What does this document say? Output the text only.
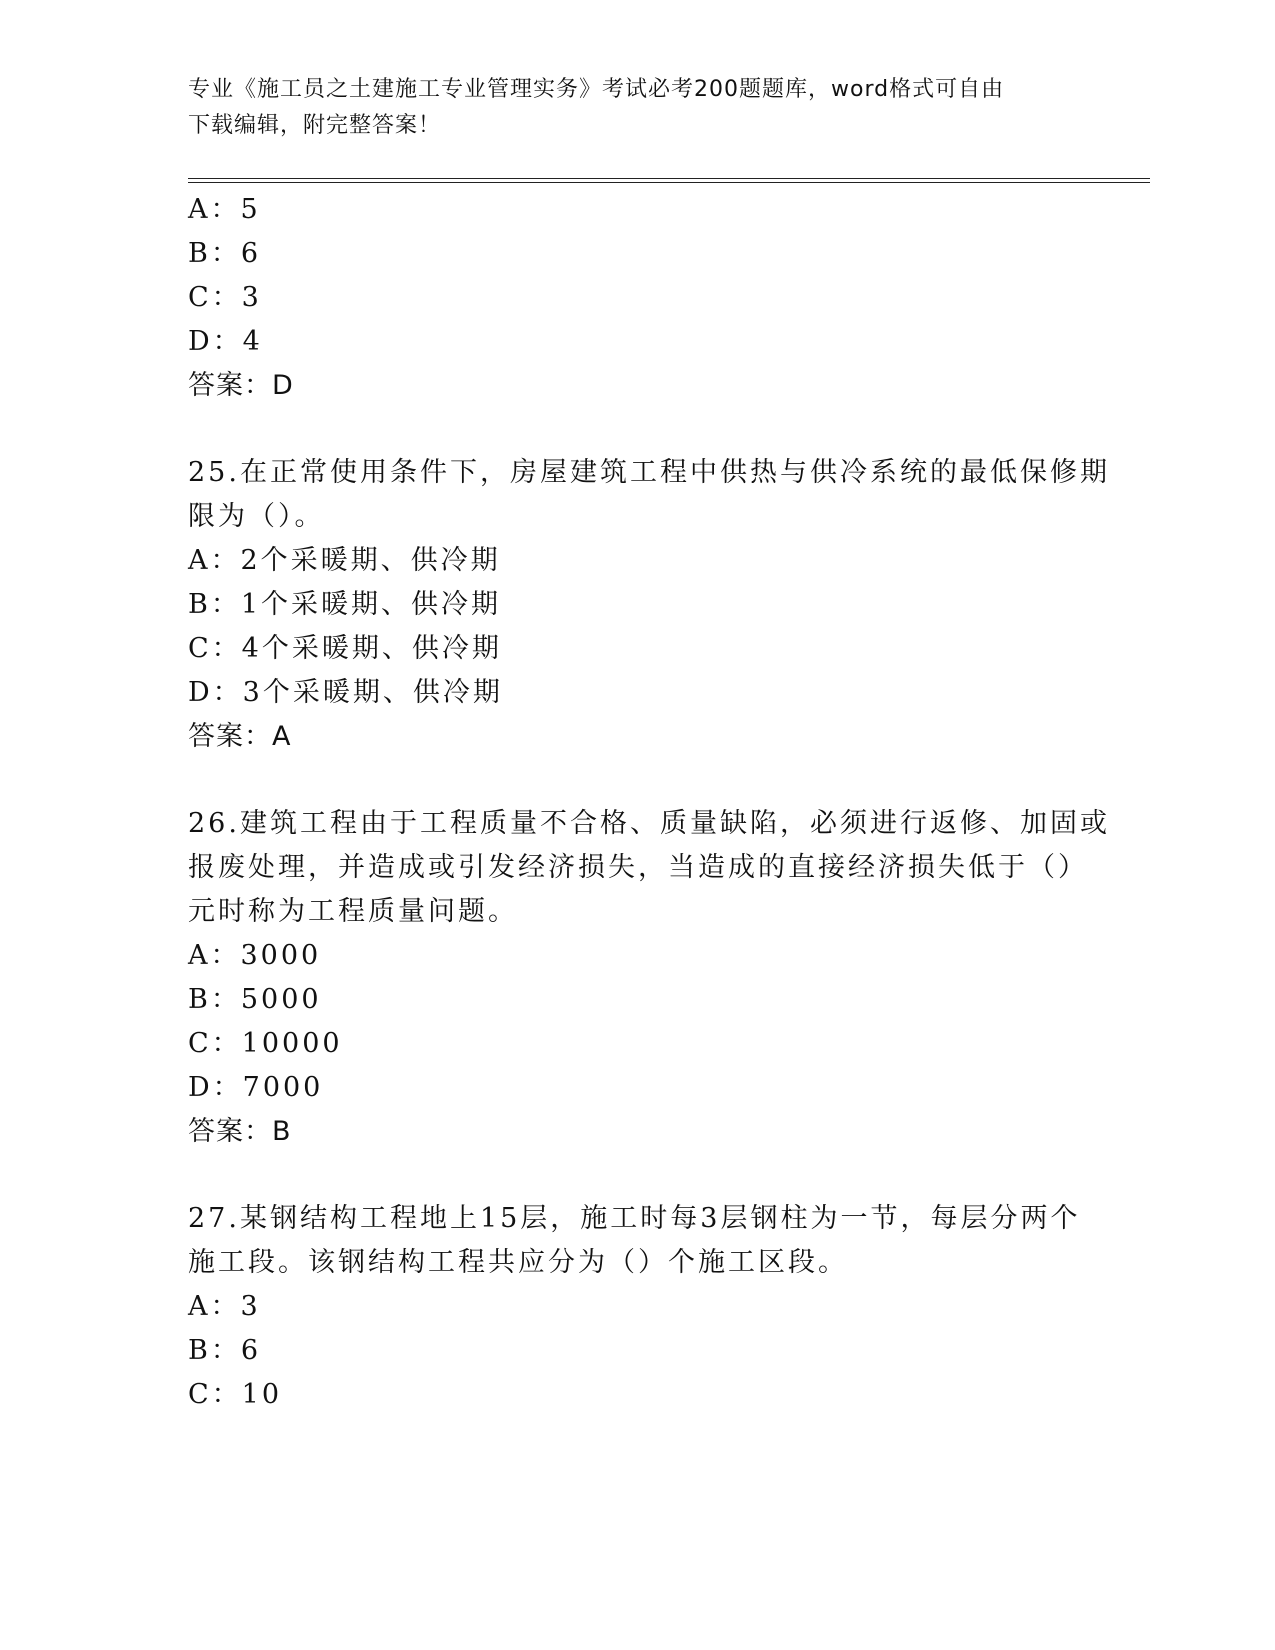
专业《施工员之土建施工专业管理实务》考试必考200题题库，word格式可自由
下载编辑，附完整答案！
A：5
B：6
C：3
D：4
答案：D
25.在正常使用条件下，房屋建筑工程中供热与供冷系统的最低保修期
限为（）。
A：2个采暖期、供冷期
B：1个采暖期、供冷期
C：4个采暖期、供冷期
D：3个采暖期、供冷期
答案：A
26.建筑工程由于工程质量不合格、质量缺陷，必须进行返修、加固或
报废处理，并造成或引发经济损失，当造成的直接经济损失低于（）
元时称为工程质量问题。
A：3000
B：5000
C：10000
D：7000
答案：B
27.某钢结构工程地上15层，施工时每3层钢柱为一节，每层分两个
施工段。该钢结构工程共应分为（）个施工区段。
A：3
B：6
C：10
